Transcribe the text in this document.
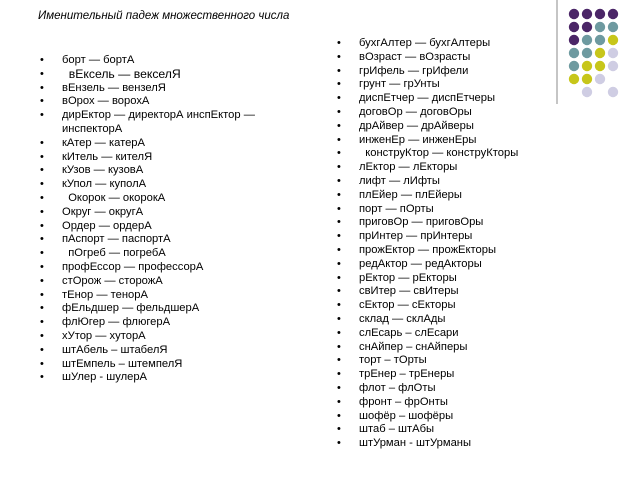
Именительный падеж множественного числа
• борт — бортА
•   вЕксель — векселЯ
• вЕнзель — вензелЯ
• вОрох — ворохА
• дирЕктор — директорА инспЕктор — инспекторА
• кАтер — катерА
• кИтель — кителЯ
• кУзов — кузовА
• кУпол — куполА
•   Окорок — окорокА
• Округ — округА
• Ордер — ордерА
• пАспорт — паспортА
•   пОгреб — погребА
• профЕссор — профессорА
• стОрож — сторожА
• тЕнор — тенорА
• фЕльдшер — фельдшерА
• флЮгер — флюгерА
• хУтор — хуторА
• штАбель – штабелЯ
• штЕмпель – штемпелЯ
• шУлер - шулерА
• бухгАлтер — бухгАлтеры
• вОзраст — вОзрасты
• грИфель — грИфели
• грунт — грУнты
• диспЕтчер — диспЕтчеры
• договОр — договОры
• дрАйвер — дрАйверы
• инженЕр — инженЕры
•   конструКтор — конструКторы
• лЕктор — лЕкторы
• лифт — лИфты
• плЕйер — плЕйеры
• порт — пОрты
• приговОр — приговОры
• прИнтер — прИнтеры
• прожЕктор — прожЕкторы
• редАктор — редАкторы
• рЕктор — рЕкторы
• свИтер — свИтеры
• сЕктор — сЕкторы
• склад — склАды
• слЕсарь – слЕсари
• снАйпер – снАйперы
• торт – тОрты
• трЕнер – трЕнеры
• флот – флОты
• фронт – фрОнты
• шофёр – шофёры
• штаб – штАбы
• штУрман - штУрманы
